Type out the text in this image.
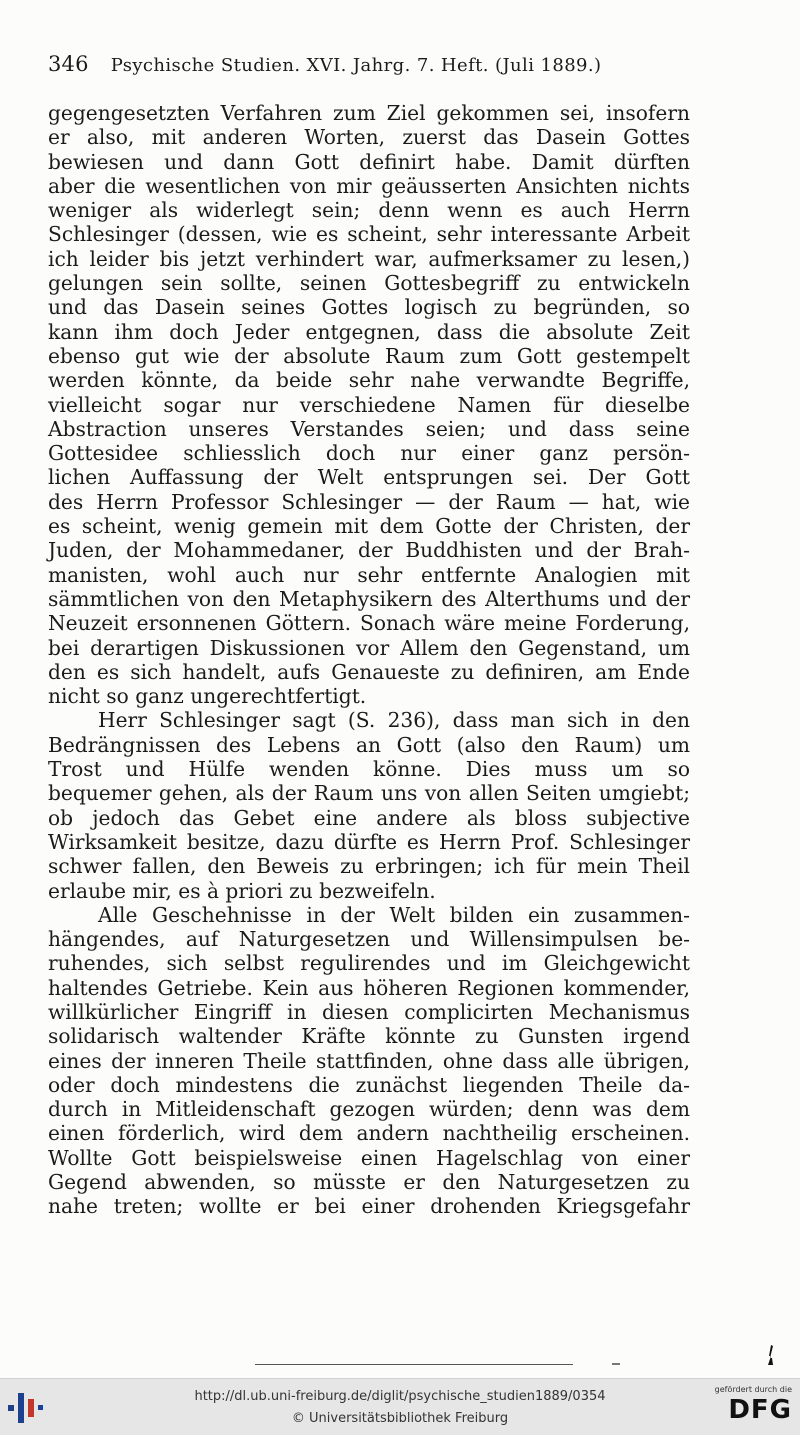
346 Psychische Studien. XVI. Jahrg. 7. Heft. (Juli 1889.)
gegengesetzten Verfahren zum Ziel gekommen sei, insofern
er also, mit anderen Worten, zuerst das Dasein Gottes
bewiesen und dann Gott definirt habe. Damit dürften
aber die wesentlichen von mir geäusserten Ansichten nichts
weniger als widerlegt sein; denn wenn es auch Herrn
Schlesinger (dessen, wie es scheint, sehr interessante Arbeit
ich leider bis jetzt verhindert war, aufmerksamer zu lesen,)
gelungen sein sollte, seinen Gottesbegriff zu entwickeln
und das Dasein seines Gottes logisch zu begründen, so
kann ihm doch Jeder entgegnen, dass die absolute Zeit
ebenso gut wie der absolute Raum zum Gott gestempelt
werden könnte, da beide sehr nahe verwandte Begriffe,
vielleicht sogar nur verschiedene Namen für dieselbe
Abstraction unseres Verstandes seien; und dass seine
Gottesidee schliesslich doch nur einer ganz persön-
lichen Auffassung der Welt entsprungen sei. Der Gott
des Herrn Professor Schlesinger — der Raum — hat, wie
es scheint, wenig gemein mit dem Gotte der Christen, der
Juden, der Mohammedaner, der Buddhisten und der Brah-
manisten, wohl auch nur sehr entfernte Analogien mit
sämmtlichen von den Metaphysikern des Alterthums und der
Neuzeit ersonnenen Göttern. Sonach wäre meine Forderung,
bei derartigen Diskussionen vor Allem den Gegenstand, um
den es sich handelt, aufs Genaueste zu definiren, am Ende
nicht so ganz ungerechtfertigt.
Herr Schlesinger sagt (S. 236), dass man sich in den
Bedrängnissen des Lebens an Gott (also den Raum) um
Trost und Hülfe wenden könne. Dies muss um so
bequemer gehen, als der Raum uns von allen Seiten umgiebt;
ob jedoch das Gebet eine andere als bloss subjective
Wirksamkeit besitze, dazu dürfte es Herrn Prof. Schlesinger
schwer fallen, den Beweis zu erbringen; ich für mein Theil
erlaube mir, es à priori zu bezweifeln.
Alle Geschehnisse in der Welt bilden ein zusammen-
hängendes, auf Naturgesetzen und Willensimpulsen be-
ruhendes, sich selbst regulirendes und im Gleichgewicht
haltendes Getriebe. Kein aus höheren Regionen kommender,
willkürlicher Eingriff in diesen complicirten Mechanismus
solidarisch waltender Kräfte könnte zu Gunsten irgend
eines der inneren Theile stattfinden, ohne dass alle übrigen,
oder doch mindestens die zunächst liegenden Theile da-
durch in Mitleidenschaft gezogen würden; denn was dem
einen förderlich, wird dem andern nachtheilig erscheinen.
Wollte Gott beispielsweise einen Hagelschlag von einer
Gegend abwenden, so müsste er den Naturgesetzen zu
nahe treten; wollte er bei einer drohenden Kriegsgefahr
http://dl.ub.uni-freiburg.de/diglit/psychische_studien1889/0354
© Universitätsbibliothek Freiburg
gefördert durch die
DFG
